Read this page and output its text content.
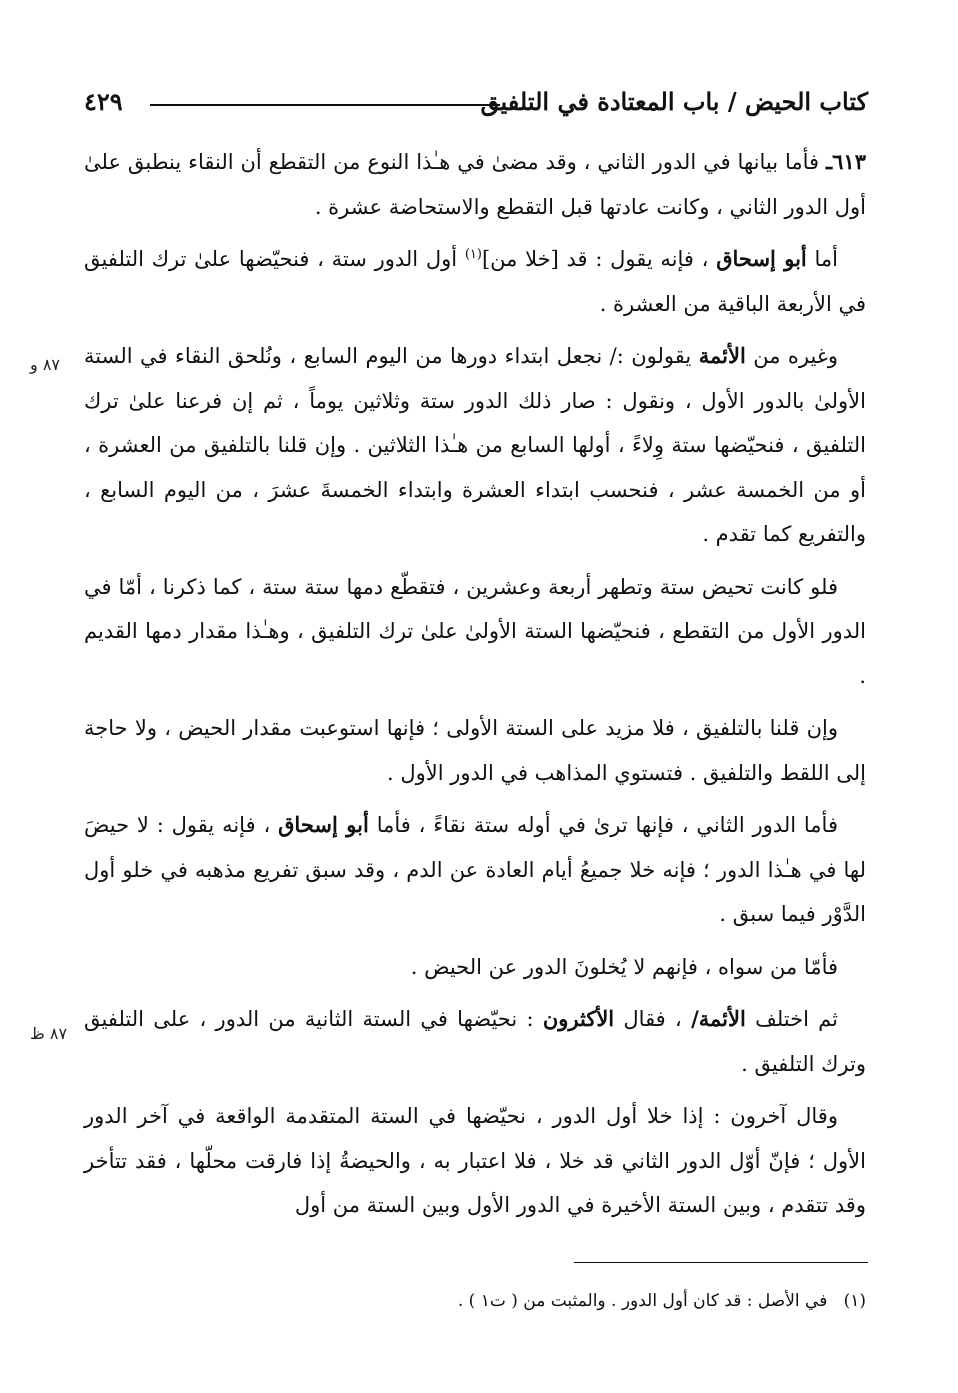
كتاب الحيض / باب المعتادة في التلفيق
٤٢٩
٨٧ و
٨٧ ظ

٦١٣ـ فأما بيانها في الدور الثاني ، وقد مضىٰ في هـٰذا النوع من التقطع أن النقاء ينطبق علىٰ أول الدور الثاني ، وكانت عادتها قبل التقطع والاستحاضة عشرة .

أما أبو إسحاق ، فإنه يقول : قد [خلا من]$^{(١)}$ أول الدور ستة ، فنحيّضها علىٰ ترك التلفيق في الأربعة الباقية من العشرة .

وغيره من الأئمة يقولون :/ نجعل ابتداء دورها من اليوم السابع ، ونُلحق النقاء في الستة الأولىٰ بالدور الأول ، ونقول : صار ذلك الدور ستة وثلاثين يوماً ، ثم إن فرعنا علىٰ ترك التلفيق ، فنحيّضها ستة وِلاءً ، أولها السابع من هـٰذا الثلاثين . وإن قلنا بالتلفيق من العشرة ، أو من الخمسة عشر ، فنحسب ابتداء العشرة وابتداء الخمسةَ عشرَ ، من اليوم السابع ، والتفريع كما تقدم .

فلو كانت تحيض ستة وتطهر أربعة وعشرين ، فتقطّع دمها ستة ستة ، كما ذكرنا ، أمّا في الدور الأول من التقطع ، فنحيّضها الستة الأولىٰ علىٰ ترك التلفيق ، وهـٰذا مقدار دمها القديم .

وإن قلنا بالتلفيق ، فلا مزيد على الستة الأولى ؛ فإنها استوعبت مقدار الحيض ، ولا حاجة إلى اللقط والتلفيق . فتستوي المذاهب في الدور الأول .

فأما الدور الثاني ، فإنها ترىٰ في أوله ستة نقاءً ، فأما أبو إسحاق ، فإنه يقول : لا حيضَ لها في هـٰذا الدور ؛ فإنه خلا جميعُ أيام العادة عن الدم ، وقد سبق تفريع مذهبه في خلو أول الدَّوْر فيما سبق .

فأمّا من سواه ، فإنهم لا يُخلونَ الدور عن الحيض .

ثم اختلف الأئمة/ ، فقال الأكثرون : نحيّضها في الستة الثانية من الدور ، على التلفيق وترك التلفيق .

وقال آخرون : إذا خلا أول الدور ، نحيّضها في الستة المتقدمة الواقعة في آخر الدور الأول ؛ فإنّ أوّل الدور الثاني قد خلا ، فلا اعتبار به ، والحيضةُ إذا فارقت محلّها ، فقد تتأخر وقد تتقدم ، وبين الستة الأخيرة في الدور الأول وبين الستة من أول

(١)   في الأصل : قد كان أول الدور . والمثبت من ( ت١ ) .
